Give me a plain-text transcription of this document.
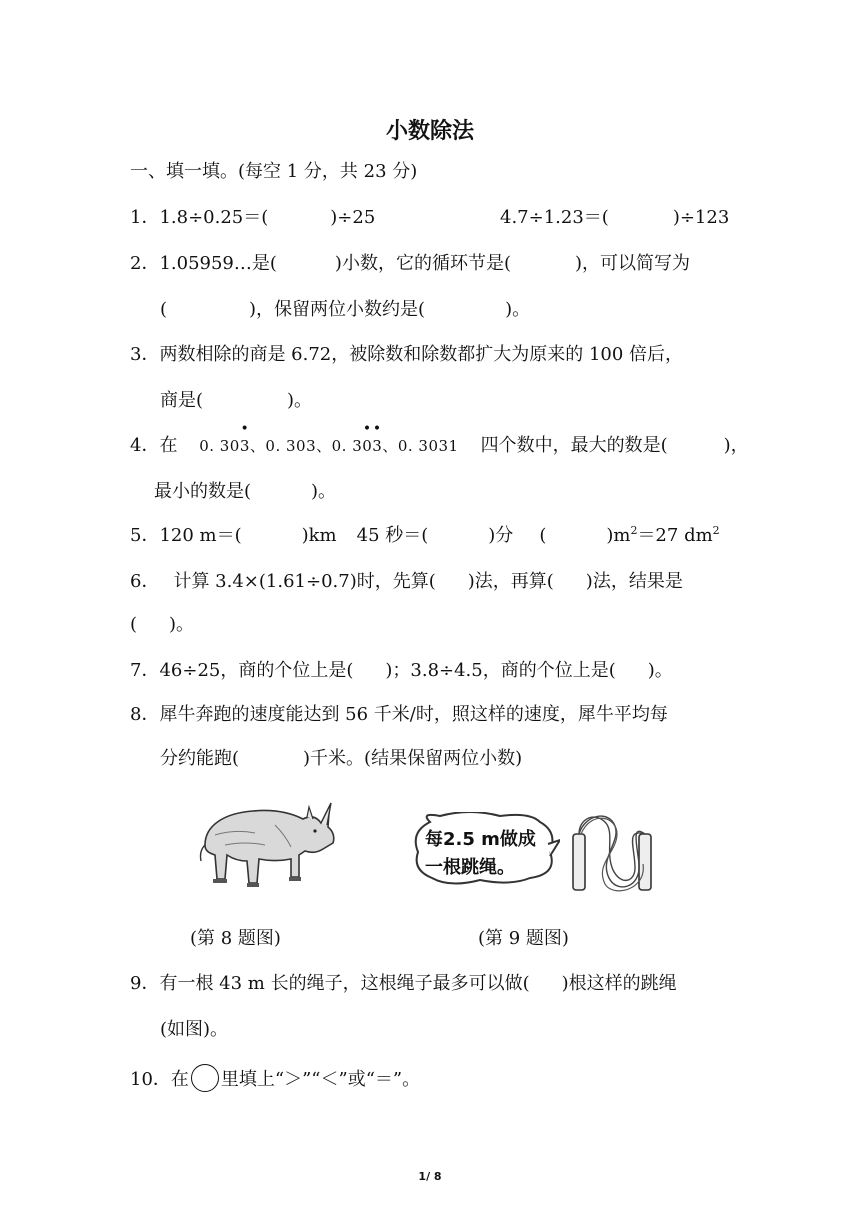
小数除法
一、填一填。(每空 1 分，共 23 分)
1．1.8÷0.25＝(	)÷25	4.7÷1.23＝(	)÷123
2．1.05959…是(	)小数，它的循环节是(	)，可以简写为
(	)，保留两位小数约是(	)。
3．两数相除的商是 6.72，被除数和除数都扩大为原来的 100 倍后，
商是(	)。
4．在 0. 30
•
3、0. 303、0. 3
•
0
•
3、0. 3031 四个数中，最大的数是(	)，
最小的数是(	)。
5．120 m＝(	)km 45 秒＝(	)分 (	)$m^2=27$ $dm^2$
6． 计算 3.4×(1.61÷0.7)时，先算( )法，再算( )法，结果是
( )。
7．46÷25，商的个位上是( )；3.8÷4.5，商的个位上是( )。
8．犀牛奔跑的速度能达到 56 千米/时，照这样的速度，犀牛平均每
分约能跑(	)千米。(结果保留两位小数)
每2.5 m做成
一根跳绳。
(第 8 题图)	(第 9 题图)
9．有一根 43 m 长的绳子，这根绳子最多可以做( )根这样的跳绳
(如图)。
10．在 里填上“＞”“＜”或“＝”。
1/ 8
